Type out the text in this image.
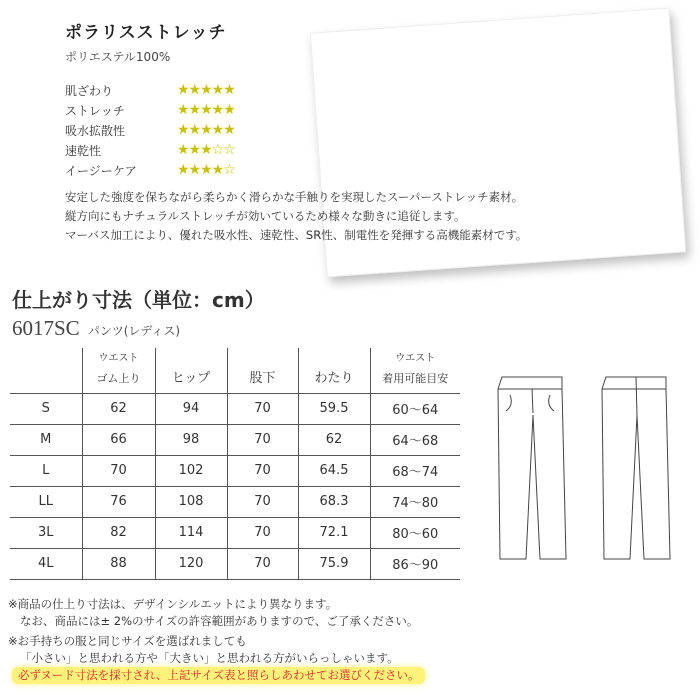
ポラリスストレッチ
ポリエステル100%
肌ざわり	★★★★★
ストレッチ	★★★★★
吸水拡散性	★★★★★
速乾性	★★★☆☆
イージーケア	★★★★☆
安定した強度を保ちながら柔らかく滑らかな手触りを実現したスーパーストレッチ素材。
縦方向にもナチュラルストレッチが効いているため様々な動きに追従します。
マーバス加工により、優れた吸水性、速乾性、SR性、制電性を発揮する高機能素材です。
仕上がり寸法（単位：cm）
6017SC パンツ(レディス)

	ウエスト
ゴム上り	ヒップ	股下	わたり	ウエスト
着用可能目安

S	62	94	70	59.5	60～64
M	66	98	70	62	64～68
L	70	102	70	64.5	68～74
LL	76	108	70	68.3	74～80
3L	82	114	70	72.1	80～60
4L	88	120	70	75.9	86～90
※商品の仕上り寸法は、デザインシルエットにより異なります。
なお、商品には± 2%のサイズの許容範囲がありますので、ご了承ください。
※お手持ちの服と同じサイズを選ばれましても
「小さい」と思われる方や「大きい」と思われる方がいらっしゃいます。
必ずヌード寸法を採寸され、上記サイズ表と照らしあわせてお選びください。
